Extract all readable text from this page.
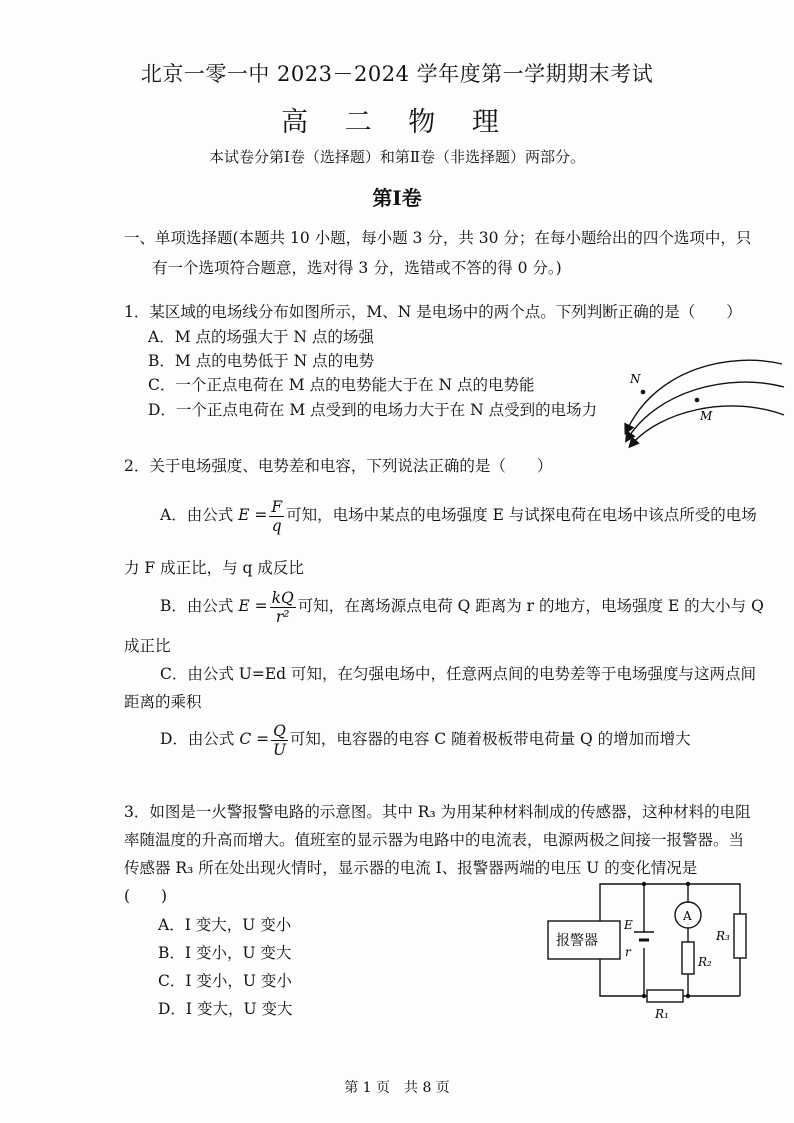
北京一零一中 2023－2024 学年度第一学期期末考试
高 二 物 理
本试卷分第Ⅰ卷（选择题）和第Ⅱ卷（非选择题）两部分。
第Ⅰ卷
一、单项选择题(本题共 10 小题，每小题 3 分，共 30 分；在每小题给出的四个选项中，只
有一个选项符合题意，选对得 3 分，选错或不答的得 0 分。)
1．某区域的电场线分布如图所示，M、N 是电场中的两个点。下列判断正确的是（　　）
A．M 点的场强大于 N 点的场强
B．M 点的电势低于 N 点的电势
C．一个正点电荷在 M 点的电势能大于在 N 点的电势能
D．一个正点电荷在 M 点受到的电场力大于在 N 点受到的电场力
N
M
2．关于电场强度、电势差和电容，下列说法正确的是（　　）
A．由公式 $E = \frac{F}{q}$ 可知，电场中某点的电场强度 E 与试探电荷在电场中该点所受的电场
力 F 成正比，与 q 成反比
B．由公式 $E = \frac{kQ}{\text{r²}}$ 可知，在离场源点电荷 Q 距离为 r 的地方，电场强度 E 的大小与 Q
成正比
C．由公式 U=Ed 可知，在匀强电场中，任意两点间的电势差等于电场强度与这两点间
距离的乘积
D．由公式 $C = \frac{Q}{U}$ 可知，电容器的电容 C 随着极板带电荷量 Q 的增加而增大
3．如图是一火警报警电路的示意图。其中 R₃ 为用某种材料制成的传感器，这种材料的电阻
率随温度的升高而增大。值班室的显示器为电路中的电流表，电源两极之间接一报警器。当
传感器 R₃ 所在处出现火情时，显示器的电流 I、报警器两端的电压 U 的变化情况是
(　　)
A．I 变大，U 变小
B．I 变小，U 变大
C．I 变小，U 变小
D．I 变大，U 变大
报警器
E
r
A
R₂
R₃
R₁
第 1 页　共 8 页
